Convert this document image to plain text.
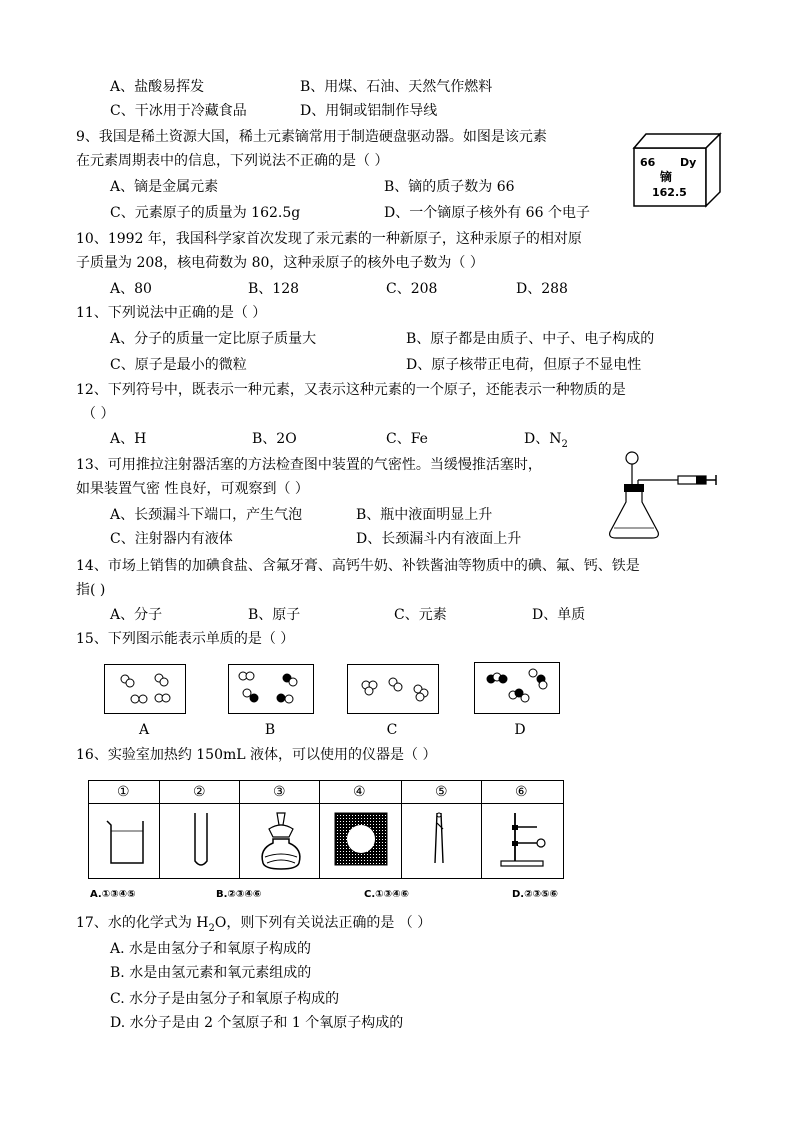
A、盐酸易挥发	B、用煤、石油、天然气作燃料
C、干冰用于冷藏食品	D、用铜或铝制作导线
9、我国是稀土资源大国，稀土元素镝常用于制造硬盘驱动器。如图是该元素
在元素周期表中的信息，下列说法不正确的是（ ）
A、镝是金属元素	B、镝的质子数为 66
C、元素原子的质量为 162.5g	D、一个镝原子核外有 66 个电子
66 Dy
镝
162.5
10、1992 年，我国科学家首次发现了汞元素的一种新原子，这种汞原子的相对原
子质量为 208，核电荷数为 80，这种汞原子的核外电子数为（ ）
A、80	B、128	C、208	D、288
11、下列说法中正确的是（ ）
A、分子的质量一定比原子质量大	B、原子都是由质子、中子、电子构成的
C、原子是最小的微粒	D、原子核带正电荷，但原子不显电性
12、下列符号中，既表示一种元素，又表示这种元素的一个原子，还能表示一种物质的是
（ ）
A、H	B、2O	C、Fe	D、$N_2$
13、可用推拉注射器活塞的方法检查图中装置的气密性。当缓慢推活塞时，
如果装置气密 性良好，可观察到（ ）
A、长颈漏斗下端口，产生气泡	B、瓶中液面明显上升
C、注射器内有液体	D、长颈漏斗内有液面上升
14、市场上销售的加碘食盐、含氟牙膏、高钙牛奶、补铁酱油等物质中的碘、氟、钙、铁是
指( )
A、分子	B、原子	C、元素	D、单质
15、下列图示能表示单质的是（ ）
A	B	C	D
16、实验室加热约 150mL 液体，可以使用的仪器是（ ）
①	②	③	④	⑤	⑥
A.①③④⑤	B.②③④⑥	C.①③④⑥	D.②③⑤⑥
17、水的化学式为 $H_2O$，则下列有关说法正确的是 （ ）
A. 水是由氢分子和氧原子构成的
B. 水是由氢元素和氧元素组成的
C. 水分子是由氢分子和氧原子构成的
D. 水分子是由 2 个氢原子和 1 个氧原子构成的
